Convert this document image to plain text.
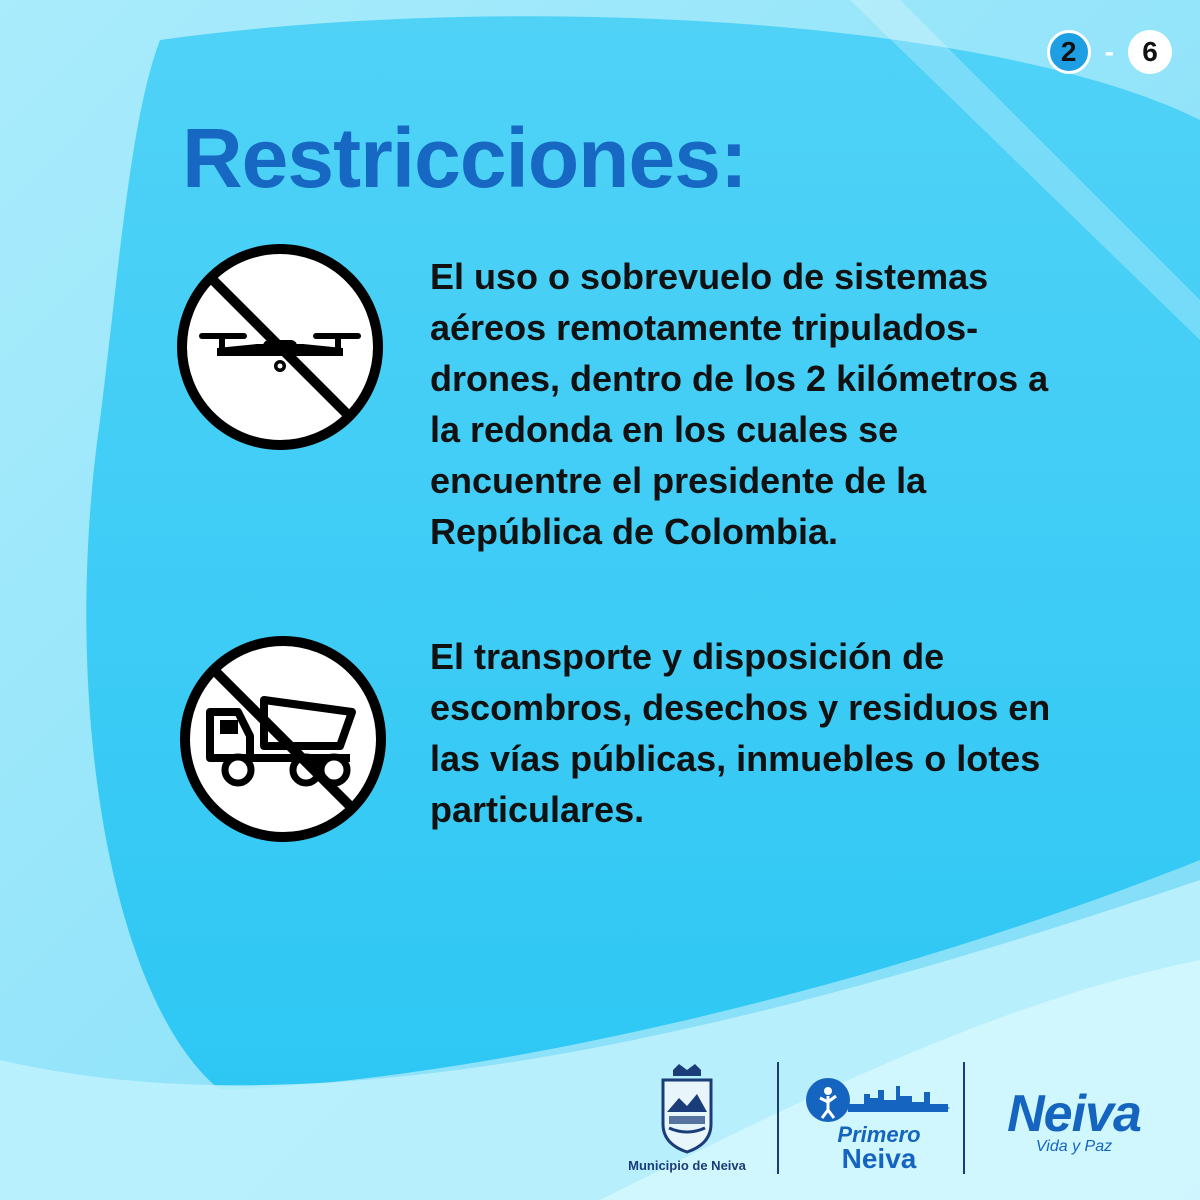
2	-	6
Restricciones:

El uso o sobrevuelo de sistemas aéreos remotamente tripulados-drones, dentro de los 2 kilómetros a la redonda en los cuales se encuentre el presidente de la República de Colombia.

El transporte y disposición de escombros, desechos y residuos en las vías públicas, inmuebles o lotes particulares.

Municipio de Neiva
Primero
Neiva
Neiva
Vida y Paz
